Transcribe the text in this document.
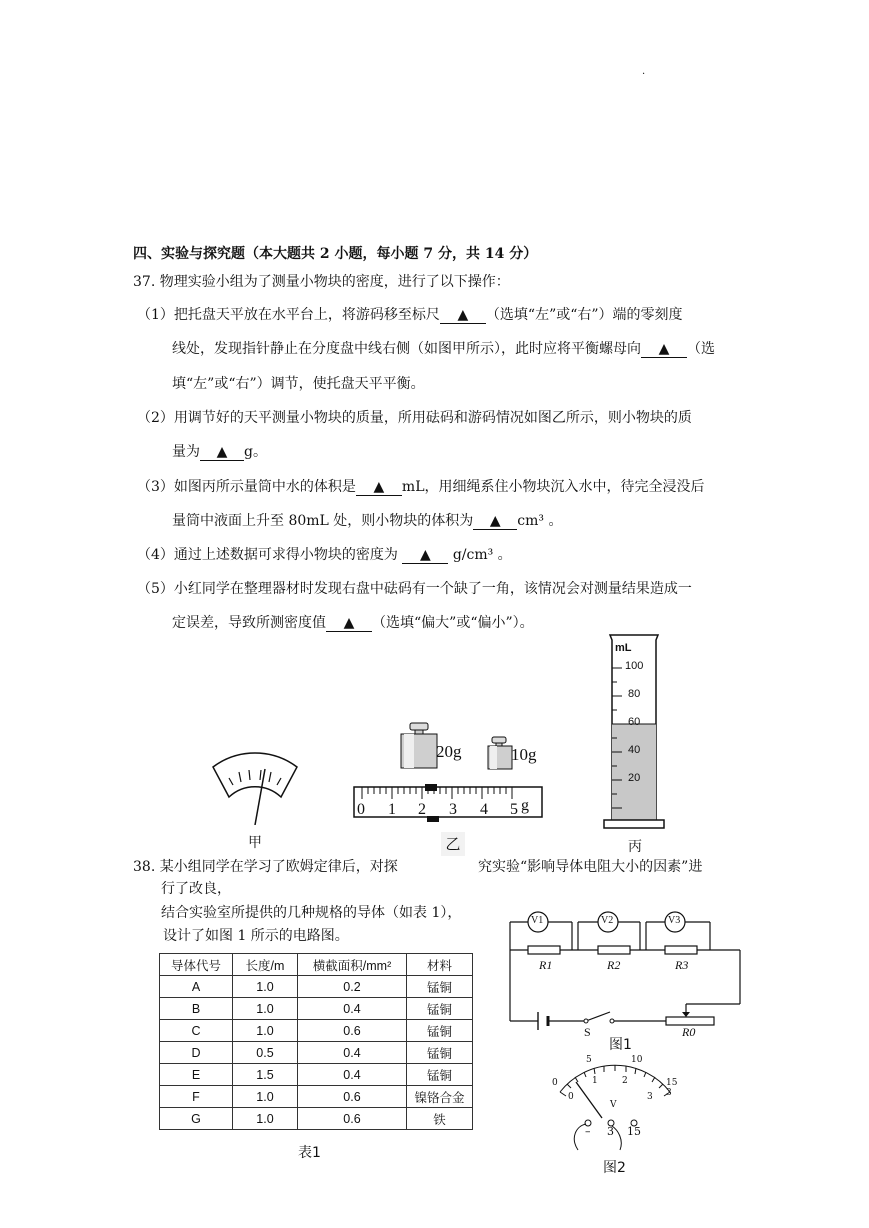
.
四、实验与探究题（本大题共 2 小题，每小题 7 分，共 14 分）
37. 物理实验小组为了测量小物块的密度，进行了以下操作：
（1）把托盘天平放在水平台上，将游码移至标尺 ▲ （选填“左”或“右”）端的零刻度
线处，发现指针静止在分度盘中线右侧（如图甲所示），此时应将平衡螺母向 ▲ （选
填“左”或“右”）调节，使托盘天平平衡。
（2）用调节好的天平测量小物块的质量，所用砝码和游码情况如图乙所示，则小物块的质
量为 ▲ g。
（3）如图丙所示量筒中水的体积是 ▲ mL，用细绳系住小物块沉入水中，待完全浸没后
量筒中液面上升至 80mL 处，则小物块的体积为 ▲ cm³ 。
（4）通过上述数据可求得小物块的密度为 ▲ g/cm³ 。
（5）小红同学在整理器材时发现右盘中砝码有一个缺了一角，该情况会对测量结果造成一
定误差，导致所测密度值 ▲ （选填“偏大”或“偏小”）。
甲
20g	10g
0 1 2 3 4 5 g
乙
mL
100
80
60
40
20
丙
38. 某小组同学在学习了欧姆定律后，对探	究实验“影响导体电阻大小的因素”进
行了改良，
结合实验室所提供的几种规格的导体（如表 1），
设计了如图 1 所示的电路图。
导体代号	长度/m	横截面积/mm²	材料
A	1.0	0.2	锰铜
B	1.0	0.4	锰铜
C	1.0	0.6	锰铜
D	0.5	0.4	锰铜
E	1.5	0.4	锰铜
F	1.0	0.6	镍铬合金
G	1.0	0.6	铁
表1
V1	V2	V3
R1	R2	R3
S	R0
图1
0
5	10
15
0
1	2
3 3
V
– 3 15
图2
